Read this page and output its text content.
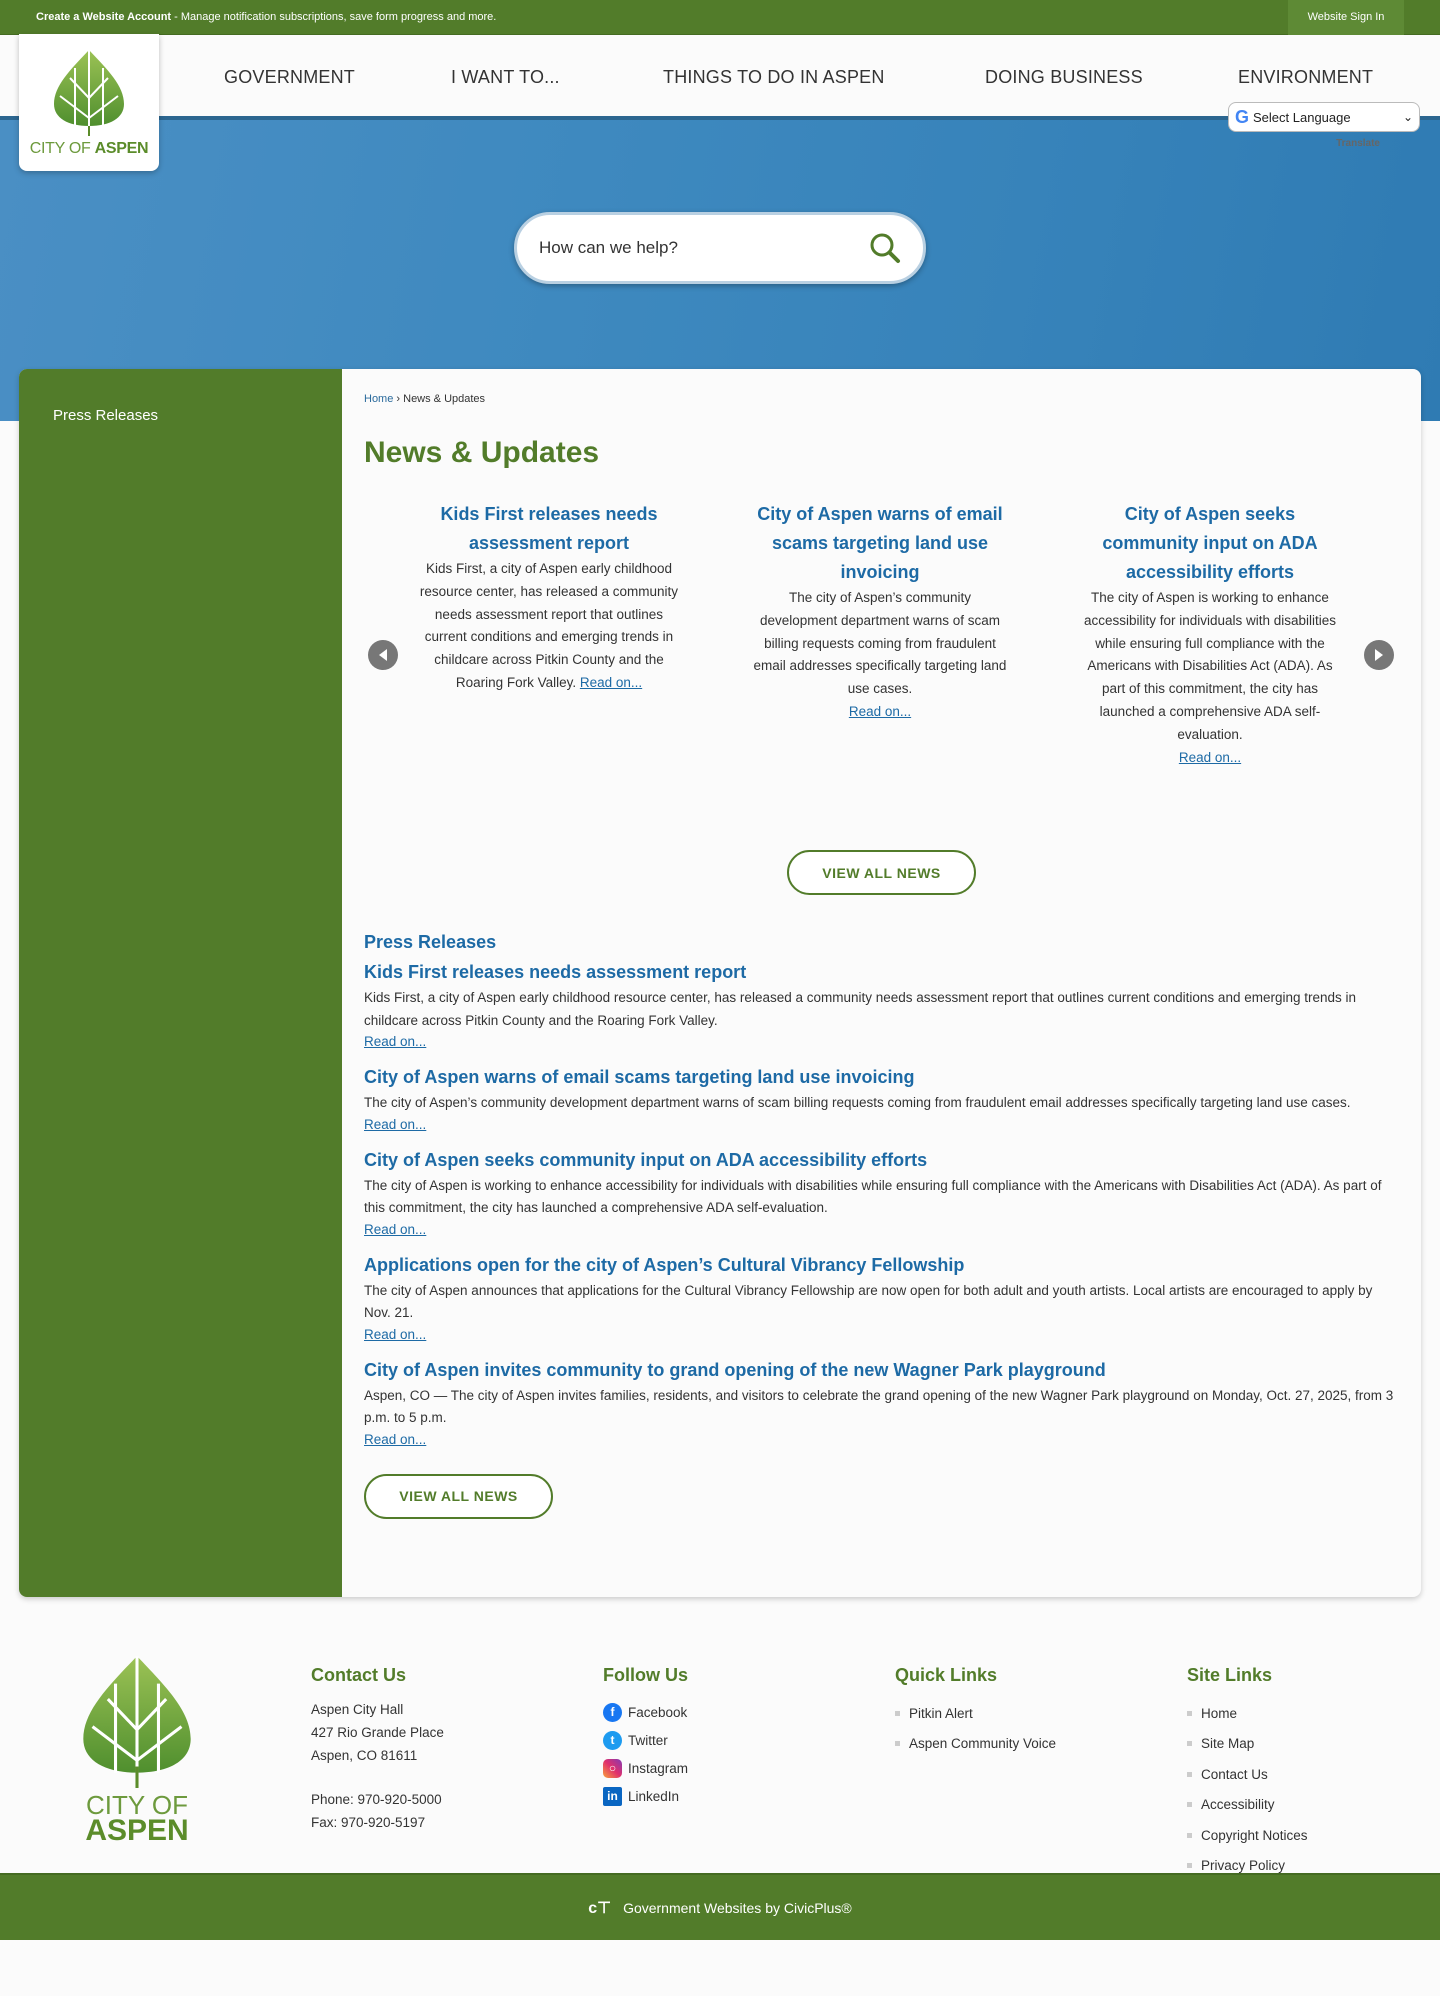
Create a Website Account - Manage notification subscriptions, save form progress and more.	Website Sign In
CITY OF ASPEN
GOVERNMENT	I WANT TO...	THINGS TO DO IN ASPEN	DOING BUSINESS	ENVIRONMENT
G Select Language	⌄
Translate
How can we help?
Press Releases
Home › News & Updates
News & Updates
Kids First releases needs assessment report
Kids First, a city of Aspen early childhood resource center, has released a community needs assessment report that outlines current conditions and emerging trends in childcare across Pitkin County and the Roaring Fork Valley. Read on...
City of Aspen warns of email scams targeting land use invoicing
The city of Aspen’s community development department warns of scam billing requests coming from fraudulent email addresses specifically targeting land use cases.
Read on...
City of Aspen seeks community input on ADA accessibility efforts
The city of Aspen is working to enhance accessibility for individuals with disabilities while ensuring full compliance with the Americans with Disabilities Act (ADA). As part of this commitment, the city has launched a comprehensive ADA self-evaluation.
Read on...
VIEW ALL NEWS
Press Releases
Kids First releases needs assessment report
Kids First, a city of Aspen early childhood resource center, has released a community needs assessment report that outlines current conditions and emerging trends in childcare across Pitkin County and the Roaring Fork Valley.
Read on...
City of Aspen warns of email scams targeting land use invoicing
The city of Aspen’s community development department warns of scam billing requests coming from fraudulent email addresses specifically targeting land use cases.
Read on...
City of Aspen seeks community input on ADA accessibility efforts
The city of Aspen is working to enhance accessibility for individuals with disabilities while ensuring full compliance with the Americans with Disabilities Act (ADA). As part of this commitment, the city has launched a comprehensive ADA self-evaluation.
Read on...
Applications open for the city of Aspen’s Cultural Vibrancy Fellowship
The city of Aspen announces that applications for the Cultural Vibrancy Fellowship are now open for both adult and youth artists. Local artists are encouraged to apply by Nov. 21.
Read on...
City of Aspen invites community to grand opening of the new Wagner Park playground
Aspen, CO — The city of Aspen invites families, residents, and visitors to celebrate the grand opening of the new Wagner Park playground on Monday, Oct. 27, 2025, from 3 p.m. to 5 p.m.
Read on...
VIEW ALL NEWS
CITY OF
ASPEN
Contact Us
Aspen City Hall
427 Rio Grande Place
Aspen, CO 81611
Phone: 970-920-5000
Fax: 970-920-5197
Follow Us
f	Facebook
t	Twitter
○ Instagram
in LinkedIn
Quick Links
Pitkin Alert
Aspen Community Voice
Site Links
Home
Site Map
Contact Us
Accessibility
Copyright Notices
Privacy Policy
ϲ⊤ Government Websites by CivicPlus®
